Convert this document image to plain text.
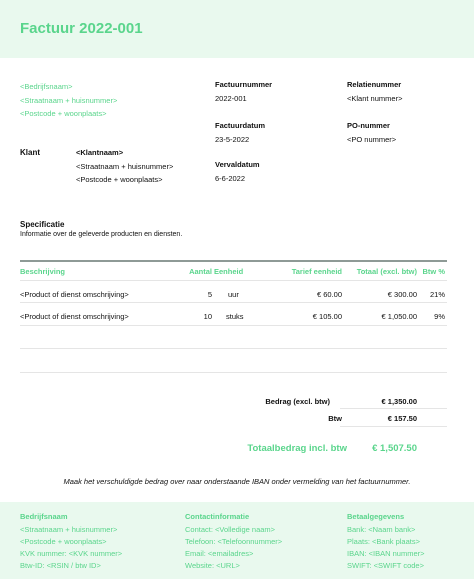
Factuur 2022-001
<Bedrijfsnaam>
<Straatnaam + huisnummer>
<Postcode + woonplaats>
Klant	<Klantnaam>
<Straatnaam + huisnummer>
<Postcode + woonplaats>
Factuurnummer
2022-001
Relatienummer
<Klant nummer>
Factuurdatum
23-5-2022
PO-nummer
<PO nummer>
Vervaldatum
6-6-2022
Specificatie
Informatie over de geleverde producten en diensten.
Beschrijving	Aantal Eenheid	Tarief eenheid	Totaal (excl. btw) Btw %
<Product of dienst omschrijving>	5 uur	€ 60.00	€ 300.00	21%
<Product of dienst omschrijving>	10 stuks	€ 105.00	€ 1,050.00	9%
Bedrag (excl. btw)	€ 1,350.00
Btw	€ 157.50
Totaalbedrag incl. btw	€ 1,507.50
Maak het verschuldigde bedrag over naar onderstaande IBAN onder vermelding van het factuurnummer.
Bedrijfsnaam
<Straatnaam + huisnummer>
<Postcode + woonplaats>
KVK nummer: <KVK nummer>
Btw-ID: <RSIN / btw ID>
Contactinformatie
Contact: <Volledige naam>
Telefoon: <Telefoonnummer>
Email: <emailadres>
Website: <URL>
Betaalgegevens
Bank: <Naam bank>
Plaats: <Bank plaats>
IBAN: <IBAN nummer>
SWIFT: <SWIFT code>
